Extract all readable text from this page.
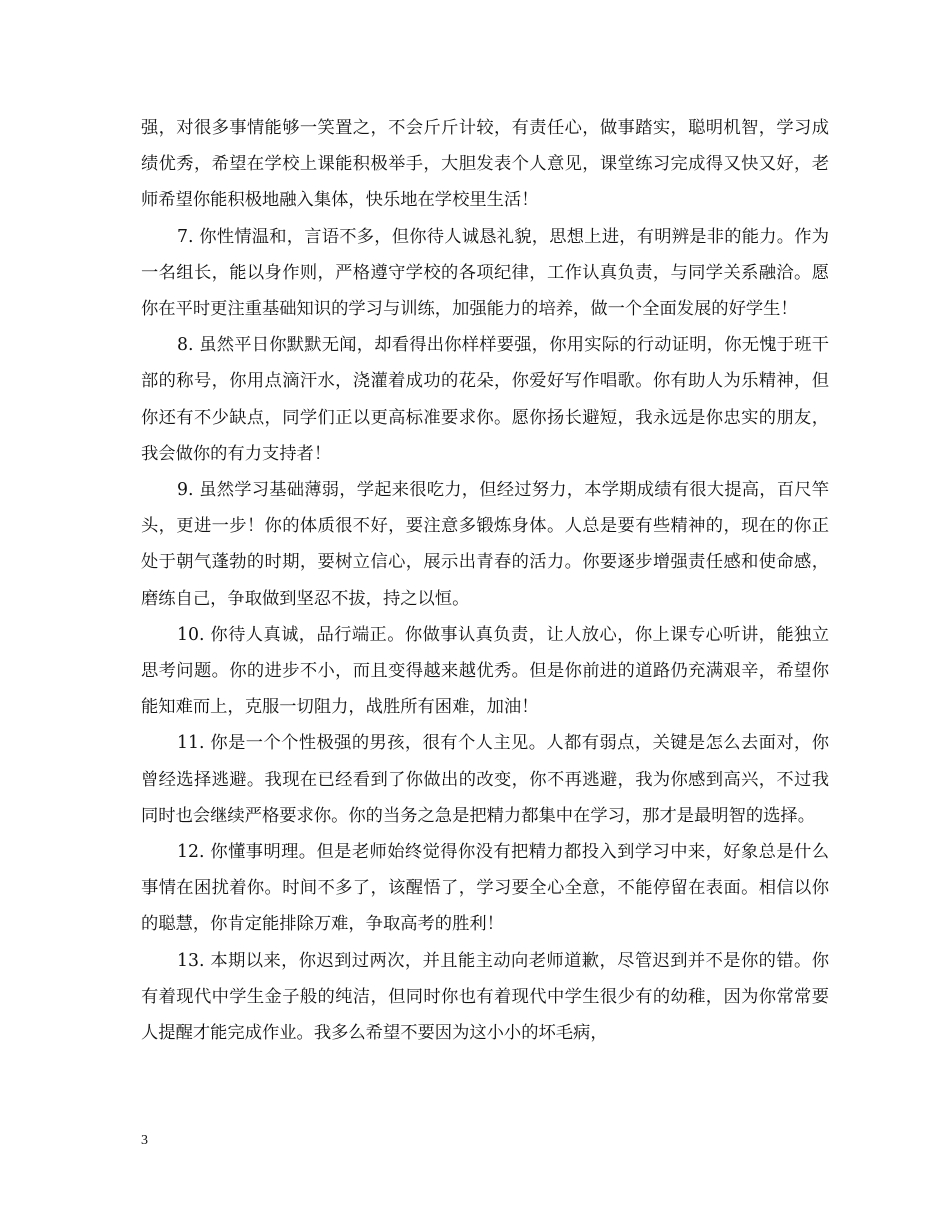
强，对很多事情能够一笑置之，不会斤斤计较，有责任心，做事踏实，聪明机智，学习成绩优秀，希望在学校上课能积极举手，大胆发表个人意见，课堂练习完成得又快又好，老师希望你能积极地融入集体，快乐地在学校里生活！

7. 你性情温和，言语不多，但你待人诚恳礼貌，思想上进，有明辨是非的能力。作为一名组长，能以身作则，严格遵守学校的各项纪律，工作认真负责，与同学关系融洽。愿你在平时更注重基础知识的学习与训练，加强能力的培养，做一个全面发展的好学生！

8. 虽然平日你默默无闻，却看得出你样样要强，你用实际的行动证明，你无愧于班干部的称号，你用点滴汗水，浇灌着成功的花朵，你爱好写作唱歌。你有助人为乐精神，但你还有不少缺点，同学们正以更高标准要求你。愿你扬长避短，我永远是你忠实的朋友，我会做你的有力支持者！

9. 虽然学习基础薄弱，学起来很吃力，但经过努力，本学期成绩有很大提高，百尺竿头，更进一步！你的体质很不好，要注意多锻炼身体。人总是要有些精神的，现在的你正处于朝气蓬勃的时期，要树立信心，展示出青春的活力。你要逐步增强责任感和使命感，磨练自己，争取做到坚忍不拔，持之以恒。

10. 你待人真诚，品行端正。你做事认真负责，让人放心，你上课专心听讲，能独立思考问题。你的进步不小，而且变得越来越优秀。但是你前进的道路仍充满艰辛，希望你能知难而上，克服一切阻力，战胜所有困难，加油！

11. 你是一个个性极强的男孩，很有个人主见。人都有弱点，关键是怎么去面对，你曾经选择逃避。我现在已经看到了你做出的改变，你不再逃避，我为你感到高兴，不过我同时也会继续严格要求你。你的当务之急是把精力都集中在学习，那才是最明智的选择。

12. 你懂事明理。但是老师始终觉得你没有把精力都投入到学习中来，好象总是什么事情在困扰着你。时间不多了，该醒悟了，学习要全心全意，不能停留在表面。相信以你的聪慧，你肯定能排除万难，争取高考的胜利！

13. 本期以来，你迟到过两次，并且能主动向老师道歉，尽管迟到并不是你的错。你有着现代中学生金子般的纯洁，但同时你也有着现代中学生很少有的幼稚，因为你常常要人提醒才能完成作业。我多么希望不要因为这小小的坏毛病，

3
